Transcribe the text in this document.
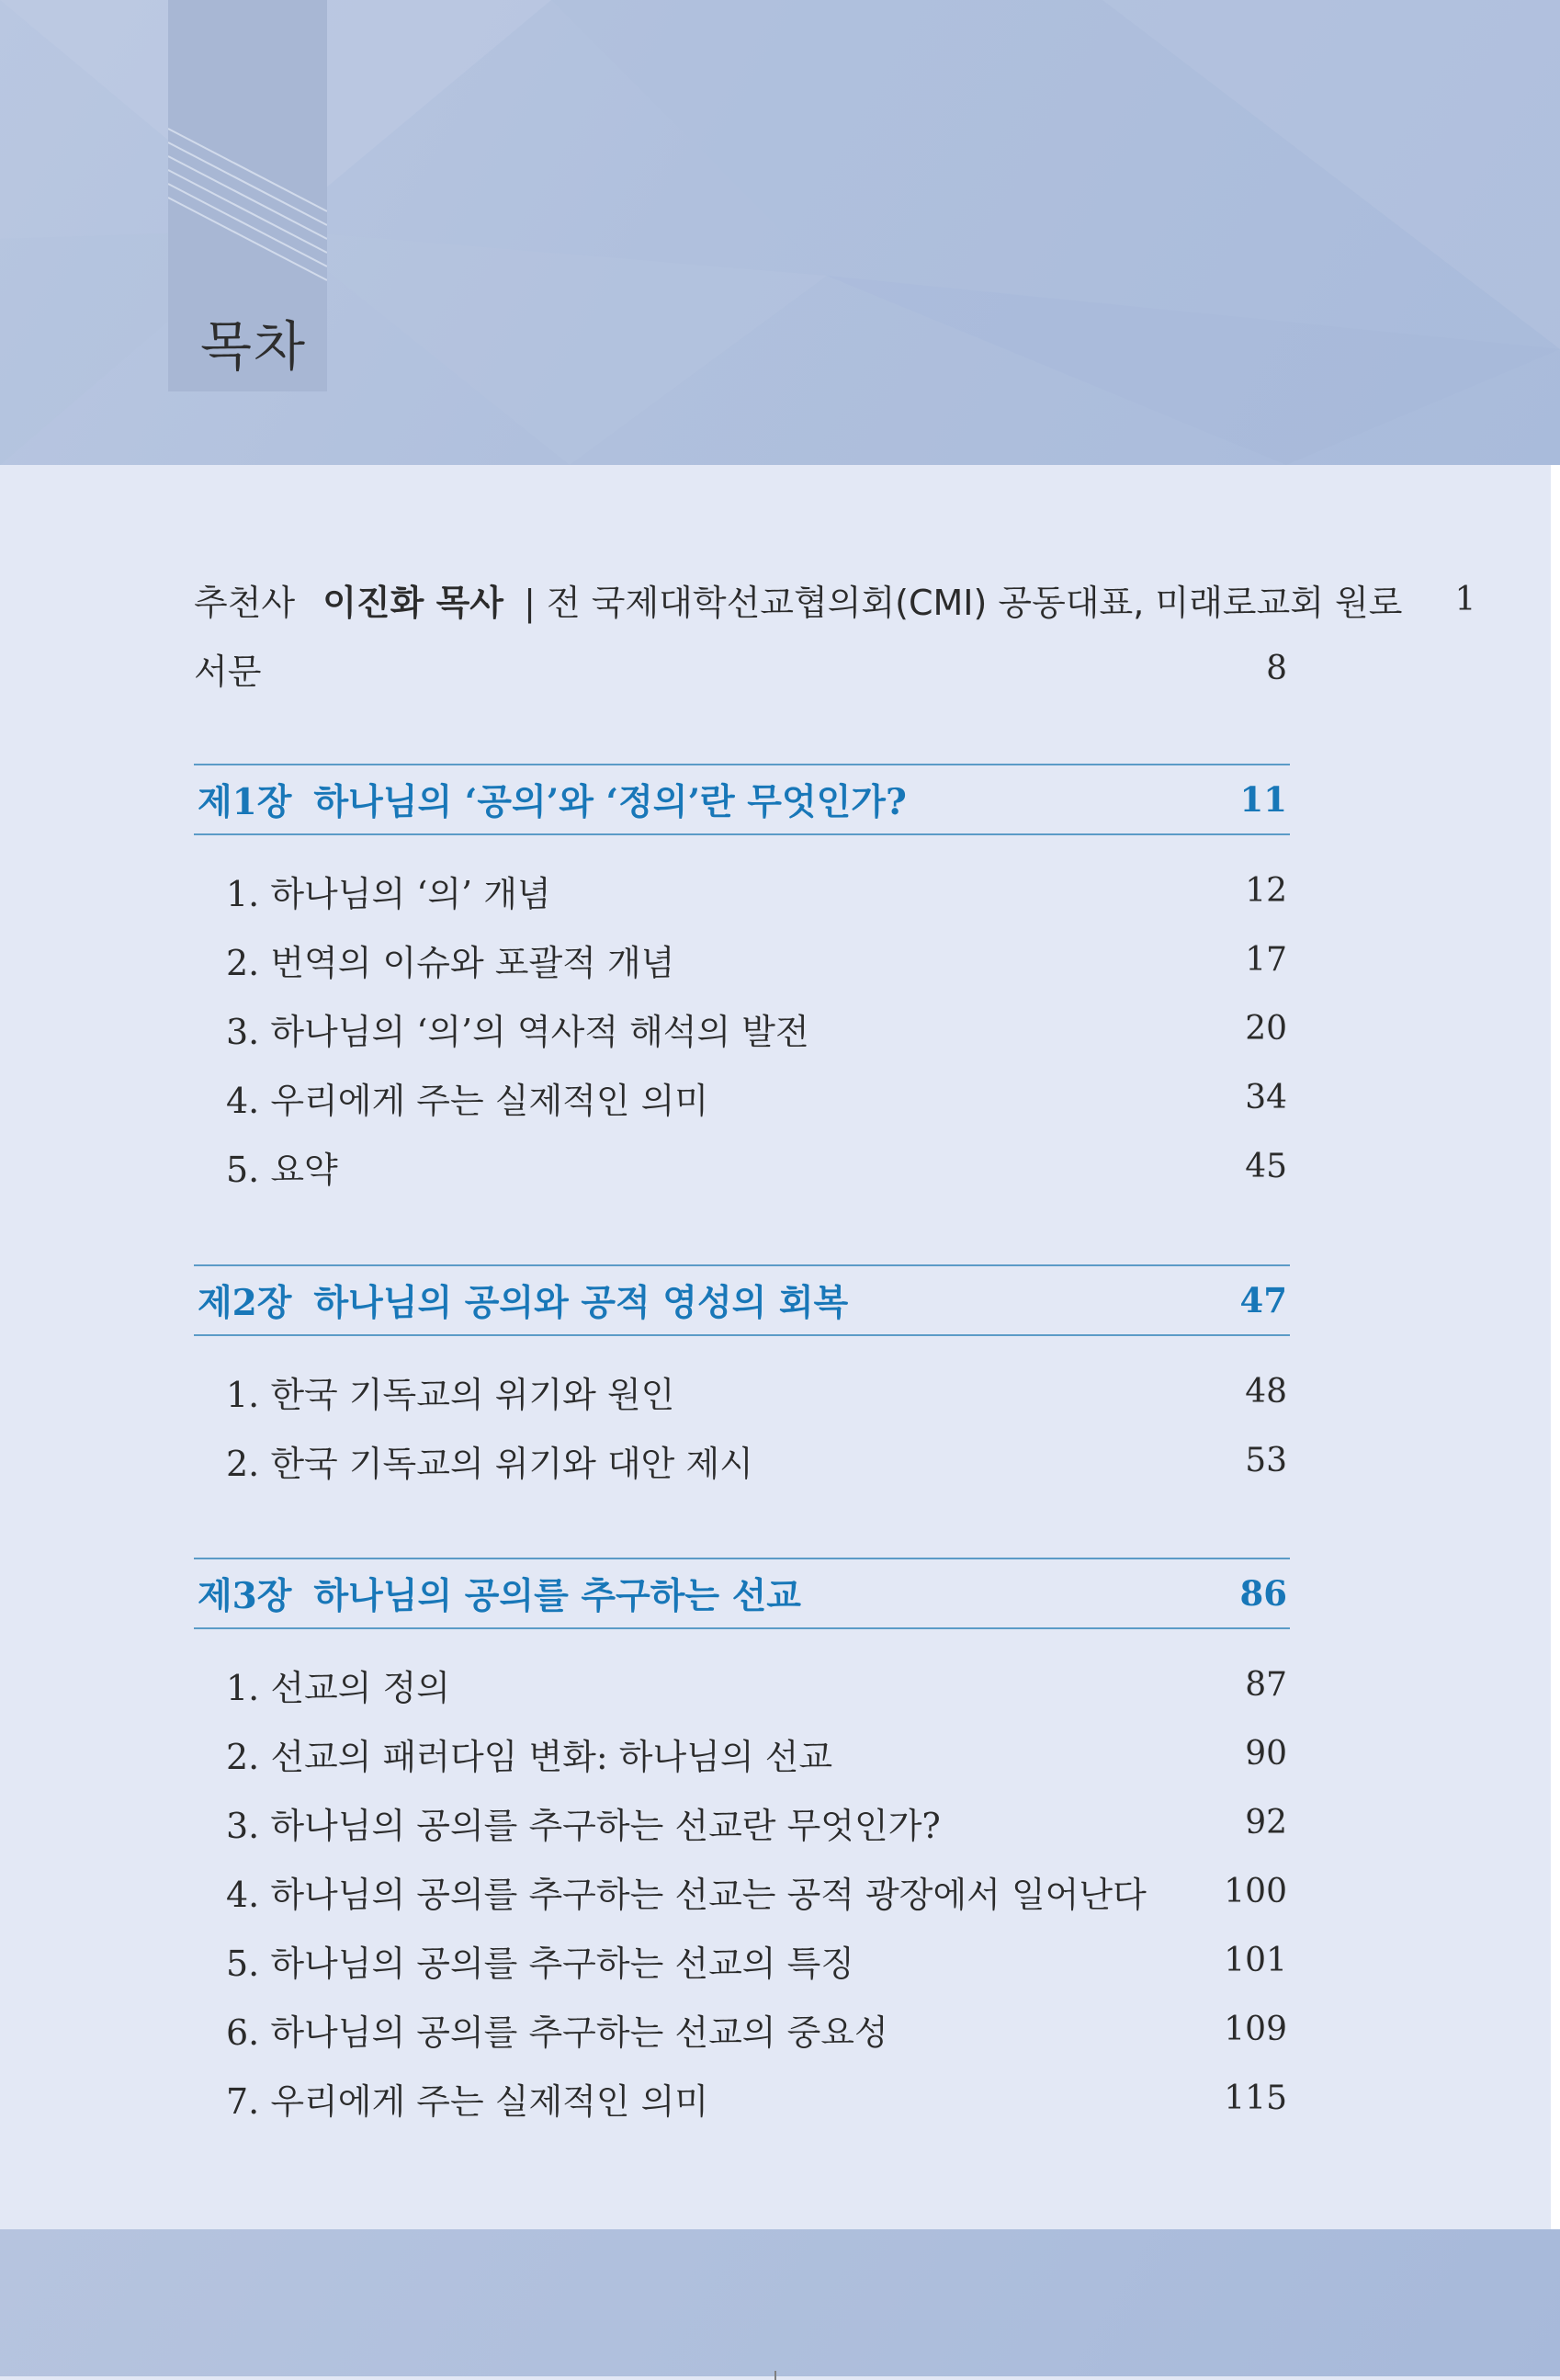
목차
추천사 이진화 목사 | 전 국제대학선교협의회(CMI) 공동대표, 미래로교회 원로	1
서문	8
제1장 하나님의 ‘공의’와 ‘정의’란 무엇인가?	11
1. 하나님의 ‘의’ 개념	12
2. 번역의 이슈와 포괄적 개념	17
3. 하나님의 ‘의’의 역사적 해석의 발전	20
4. 우리에게 주는 실제적인 의미	34
5. 요약	45
제2장 하나님의 공의와 공적 영성의 회복	47
1. 한국 기독교의 위기와 원인	48
2. 한국 기독교의 위기와 대안 제시	53
제3장 하나님의 공의를 추구하는 선교	86
1. 선교의 정의	87
2. 선교의 패러다임 변화: 하나님의 선교	90
3. 하나님의 공의를 추구하는 선교란 무엇인가?	92
4. 하나님의 공의를 추구하는 선교는 공적 광장에서 일어난다	100
5. 하나님의 공의를 추구하는 선교의 특징	101
6. 하나님의 공의를 추구하는 선교의 중요성	109
7. 우리에게 주는 실제적인 의미	115
